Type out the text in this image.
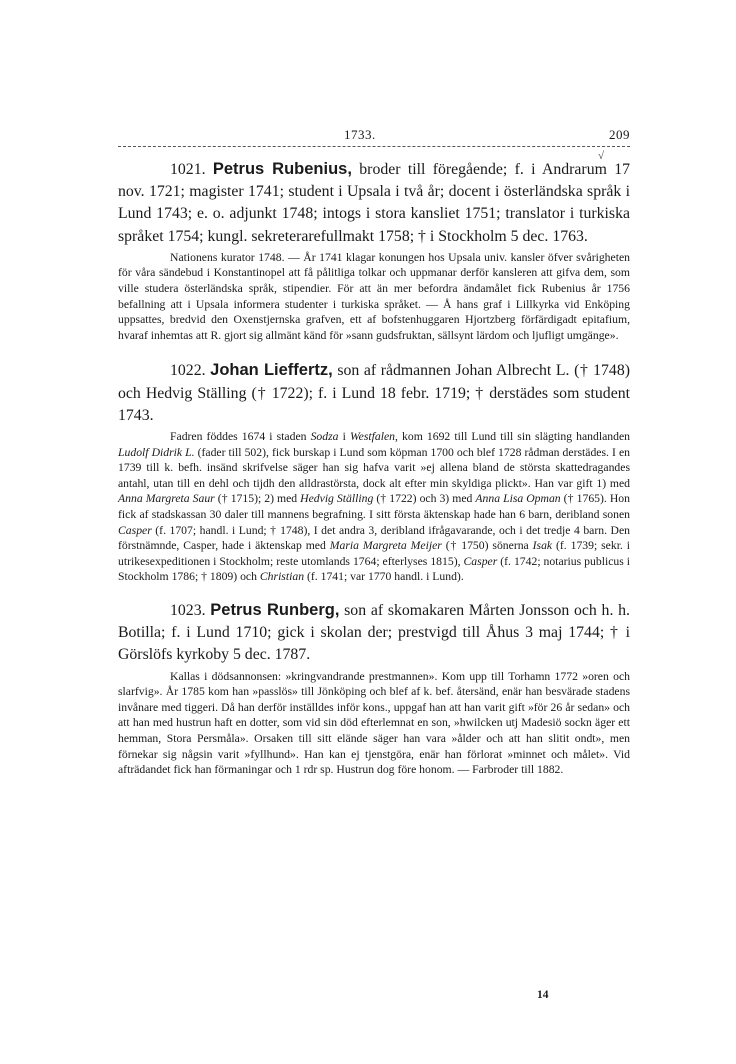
1733.	209
√

1021. Petrus Rubenius, broder till föregående; f. i Andrarum 17 nov. 1721; magister 1741; student i Upsala i två år; docent i österländska språk i Lund 1743; e. o. adjunkt 1748; intogs i stora kansliet 1751; translator i turkiska språket 1754; kungl. sekreterarefullmakt 1758; † i Stockholm 5 dec. 1763.

Nationens kurator 1748. — År 1741 klagar konungen hos Upsala univ. kansler öfver svårigheten för våra sändebud i Konstantinopel att få pålitliga tolkar och uppmanar derför kansleren att gifva dem, som ville studera österländska språk, stipendier. För att än mer befordra ändamålet fick Rubenius år 1756 befallning att i Upsala informera studenter i turkiska språket. — Å hans graf i Lillkyrka vid Enköping uppsattes, bredvid den Oxenstjernska grafven, ett af bofstenhuggaren Hjortzberg förfärdigadt epitafium, hvaraf inhemtas att R. gjort sig allmänt känd för »sann gudsfruktan, sällsynt lärdom och ljufligt umgänge».

1022. Johan Lieffertz, son af rådmannen Johan Albrecht L. († 1748) och Hedvig Ställing († 1722); f. i Lund 18 febr. 1719; † derstädes som student 1743.

Fadren föddes 1674 i staden Sodza i Westfalen, kom 1692 till Lund till sin slägting handlanden Ludolf Didrik L. (fader till 502), fick burskap i Lund som köpman 1700 och blef 1728 rådman derstädes. I en 1739 till k. befh. insänd skrifvelse säger han sig hafva varit »ej allena bland de största skattedragandes antahl, utan till en dehl och tijdh den alldrastörsta, dock alt efter min skyldiga plickt». Han var gift 1) med Anna Margreta Saur († 1715); 2) med Hedvig Ställing († 1722) och 3) med Anna Lisa Opman († 1765). Hon fick af stadskassan 30 daler till mannens begrafning. I sitt första äktenskap hade han 6 barn, deribland sonen Casper (f. 1707; handl. i Lund; † 1748), I det andra 3, deribland ifrågavarande, och i det tredje 4 barn. Den förstnämnde, Casper, hade i äktenskap med Maria Margreta Meijer († 1750) sönerna Isak (f. 1739; sekr. i utrikesexpeditionen i Stockholm; reste utomlands 1764; efterlyses 1815), Casper (f. 1742; notarius publicus i Stockholm 1786; † 1809) och Christian (f. 1741; var 1770 handl. i Lund).

1023. Petrus Runberg, son af skomakaren Mårten Jonsson och h. h. Botilla; f. i Lund 1710; gick i skolan der; prestvigd till Åhus 3 maj 1744; † i Görslöfs kyrkoby 5 dec. 1787.

Kallas i dödsannonsen: »kringvandrande prestmannen». Kom upp till Torhamn 1772 »oren och slarfvig». År 1785 kom han »passlös» till Jönköping och blef af k. bef. återsänd, enär han besvärade stadens invånare med tiggeri. Då han derför inställdes inför kons., uppgaf han att han varit gift »för 26 år sedan» och att han med hustrun haft en dotter, som vid sin död efterlemnat en son, »hwilcken utj Madesiö sockn äger ett hemman, Stora Persmåla». Orsaken till sitt elände säger han vara »ålder och att han slitit ondt», men förnekar sig någsin varit »fyllhund». Han kan ej tjenstgöra, enär han förlorat »minnet och målet». Vid afträdandet fick han förmaningar och 1 rdr sp. Hustrun dog före honom. — Farbroder till 1882.

14
